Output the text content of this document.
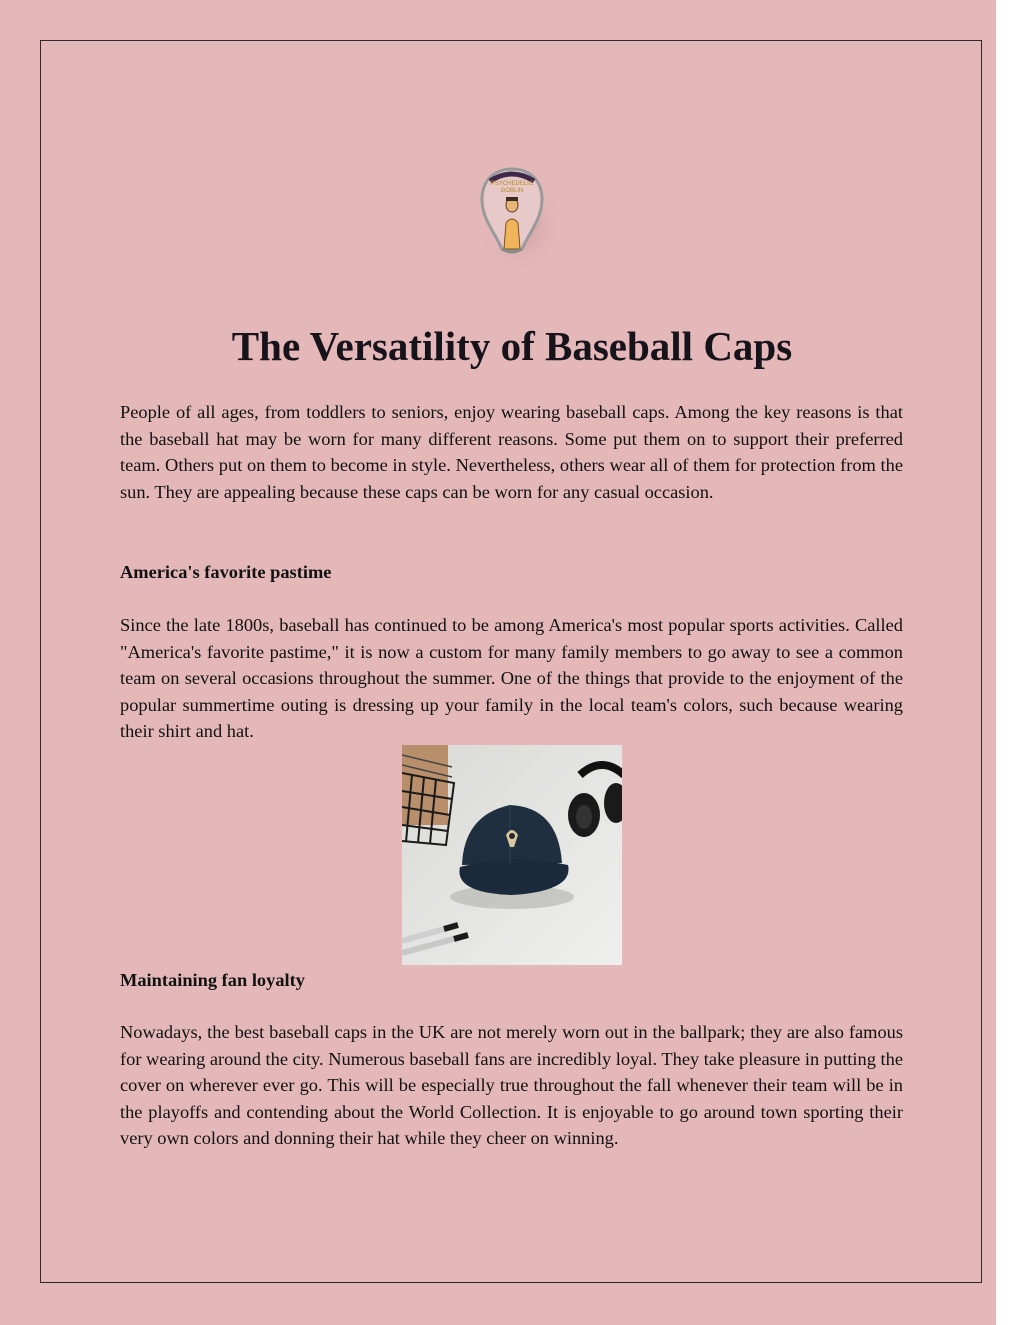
PSYCHEDELIC
GOBLIN
The Versatility of Baseball Caps

People of all ages, from toddlers to seniors, enjoy wearing baseball caps. Among the key reasons is that the baseball hat may be worn for many different reasons. Some put them on to support their preferred team. Others put on them to become in style. Nevertheless, others wear all of them for protection from the sun. They are appealing because these caps can be worn for any casual occasion.

America's favorite pastime

Since the late 1800s, baseball has continued to be among America's most popular sports activities. Called "America's favorite pastime," it is now a custom for many family members to go away to see a common team on several occasions throughout the summer. One of the things that provide to the enjoyment of the popular summertime outing is dressing up your family in the local team's colors, such because wearing their shirt and hat.

Maintaining fan loyalty

Nowadays, the best baseball caps in the UK are not merely worn out in the ballpark; they are also famous for wearing around the city. Numerous baseball fans are incredibly loyal. They take pleasure in putting the cover on wherever ever go. This will be especially true throughout the fall whenever their team will be in the playoffs and contending about the World Collection. It is enjoyable to go around town sporting their very own colors and donning their hat while they cheer on winning.
